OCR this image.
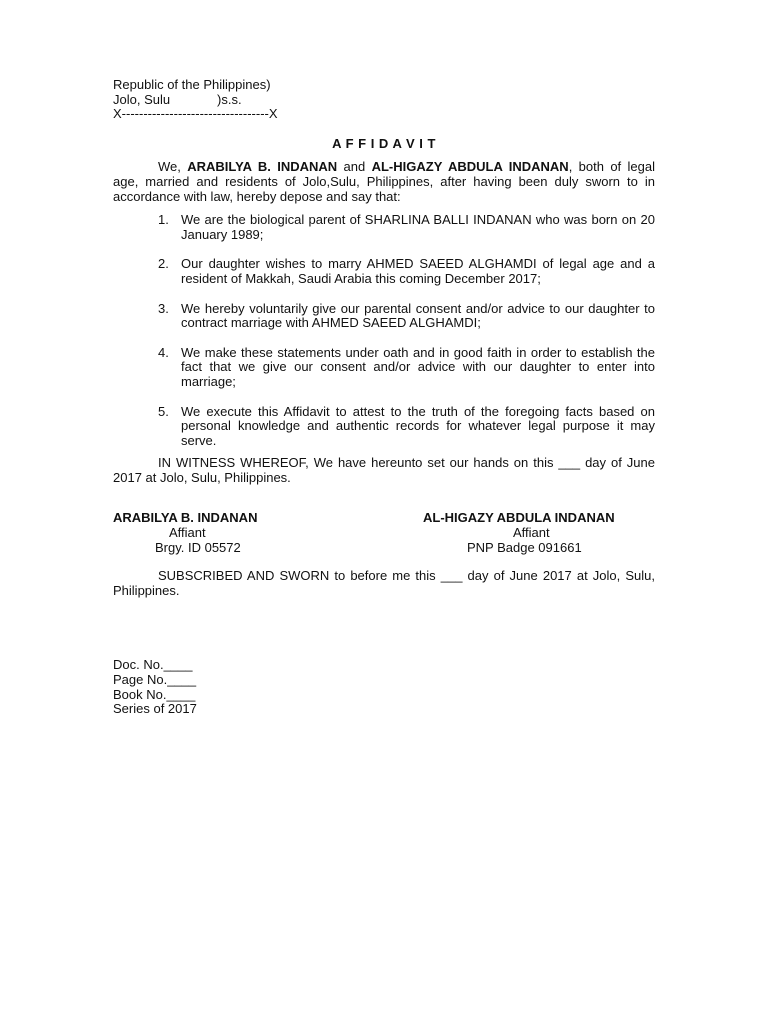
Republic of the Philippines)
Jolo, Sulu             )s.s.
X----------------------------------X
A F F I D A V I T
We, ARABILYA B. INDANAN and AL-HIGAZY ABDULA INDANAN, both of legal age, married and residents of Jolo,Sulu, Philippines, after having been duly sworn to in accordance with law, hereby depose and say that:
1. We are the biological parent of SHARLINA BALLI INDANAN who was born on 20 January 1989;
2. Our daughter wishes to marry AHMED SAEED ALGHAMDI of legal age and a resident of Makkah, Saudi Arabia this coming December 2017;
3. We hereby voluntarily give our parental consent and/or advice to our daughter to contract marriage with AHMED SAEED ALGHAMDI;
4. We make these statements under oath and in good faith in order to establish the fact that we give our consent and/or advice with our daughter to enter into marriage;
5. We execute this Affidavit to attest to the truth of the foregoing facts based on personal knowledge and authentic records for whatever legal purpose it may serve.
IN WITNESS WHEREOF, We have hereunto set our hands on this ___ day of June 2017 at Jolo, Sulu, Philippines.
ARABILYA B. INDANAN
Affiant
Brgy. ID 05572
AL-HIGAZY ABDULA INDANAN
Affiant
PNP Badge 091661
SUBSCRIBED AND SWORN to before me this ___ day of June 2017 at Jolo, Sulu, Philippines.
Doc. No.____
Page No.____
Book No.____
Series of 2017
